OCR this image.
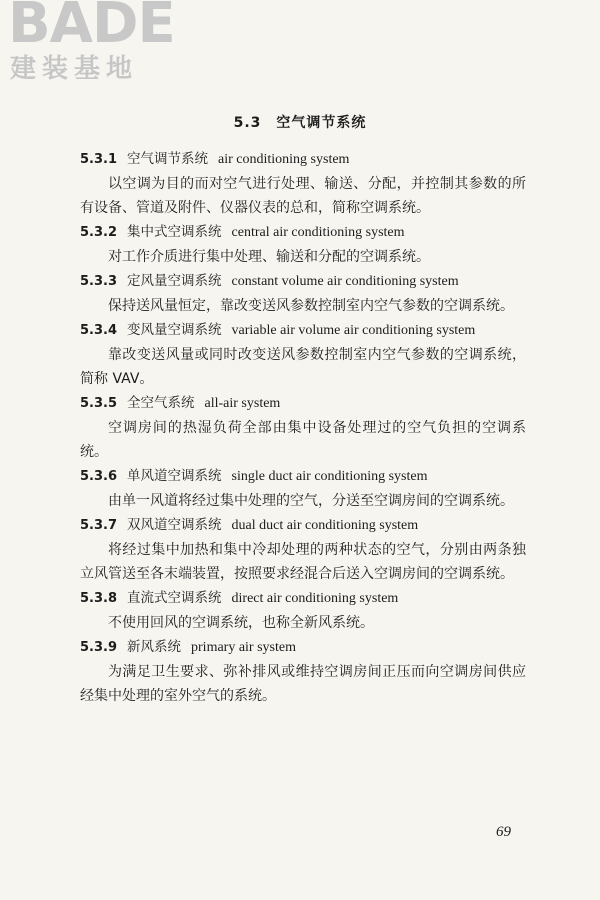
BADE
建装基地
5.3　空气调节系统
5.3.1 空气调节系统 air conditioning system

以空调为目的而对空气进行处理、输送、分配，并控制其参数的所有设备、管道及附件、仪器仪表的总和，简称空调系统。

5.3.2 集中式空调系统 central air conditioning system

对工作介质进行集中处理、输送和分配的空调系统。

5.3.3 定风量空调系统 constant volume air conditioning system

保持送风量恒定，靠改变送风参数控制室内空气参数的空调系统。

5.3.4 变风量空调系统 variable air volume air conditioning system

靠改变送风量或同时改变送风参数控制室内空气参数的空调系统，简称 VAV。

5.3.5 全空气系统 all-air system

空调房间的热湿负荷全部由集中设备处理过的空气负担的空调系统。

5.3.6 单风道空调系统 single duct air conditioning system

由单一风道将经过集中处理的空气，分送至空调房间的空调系统。

5.3.7 双风道空调系统 dual duct air conditioning system

将经过集中加热和集中冷却处理的两种状态的空气，分别由两条独立风管送至各末端装置，按照要求经混合后送入空调房间的空调系统。

5.3.8 直流式空调系统 direct air conditioning system

不使用回风的空调系统，也称全新风系统。

5.3.9 新风系统 primary air system

为满足卫生要求、弥补排风或维持空调房间正压而向空调房间供应经集中处理的室外空气的系统。

69
